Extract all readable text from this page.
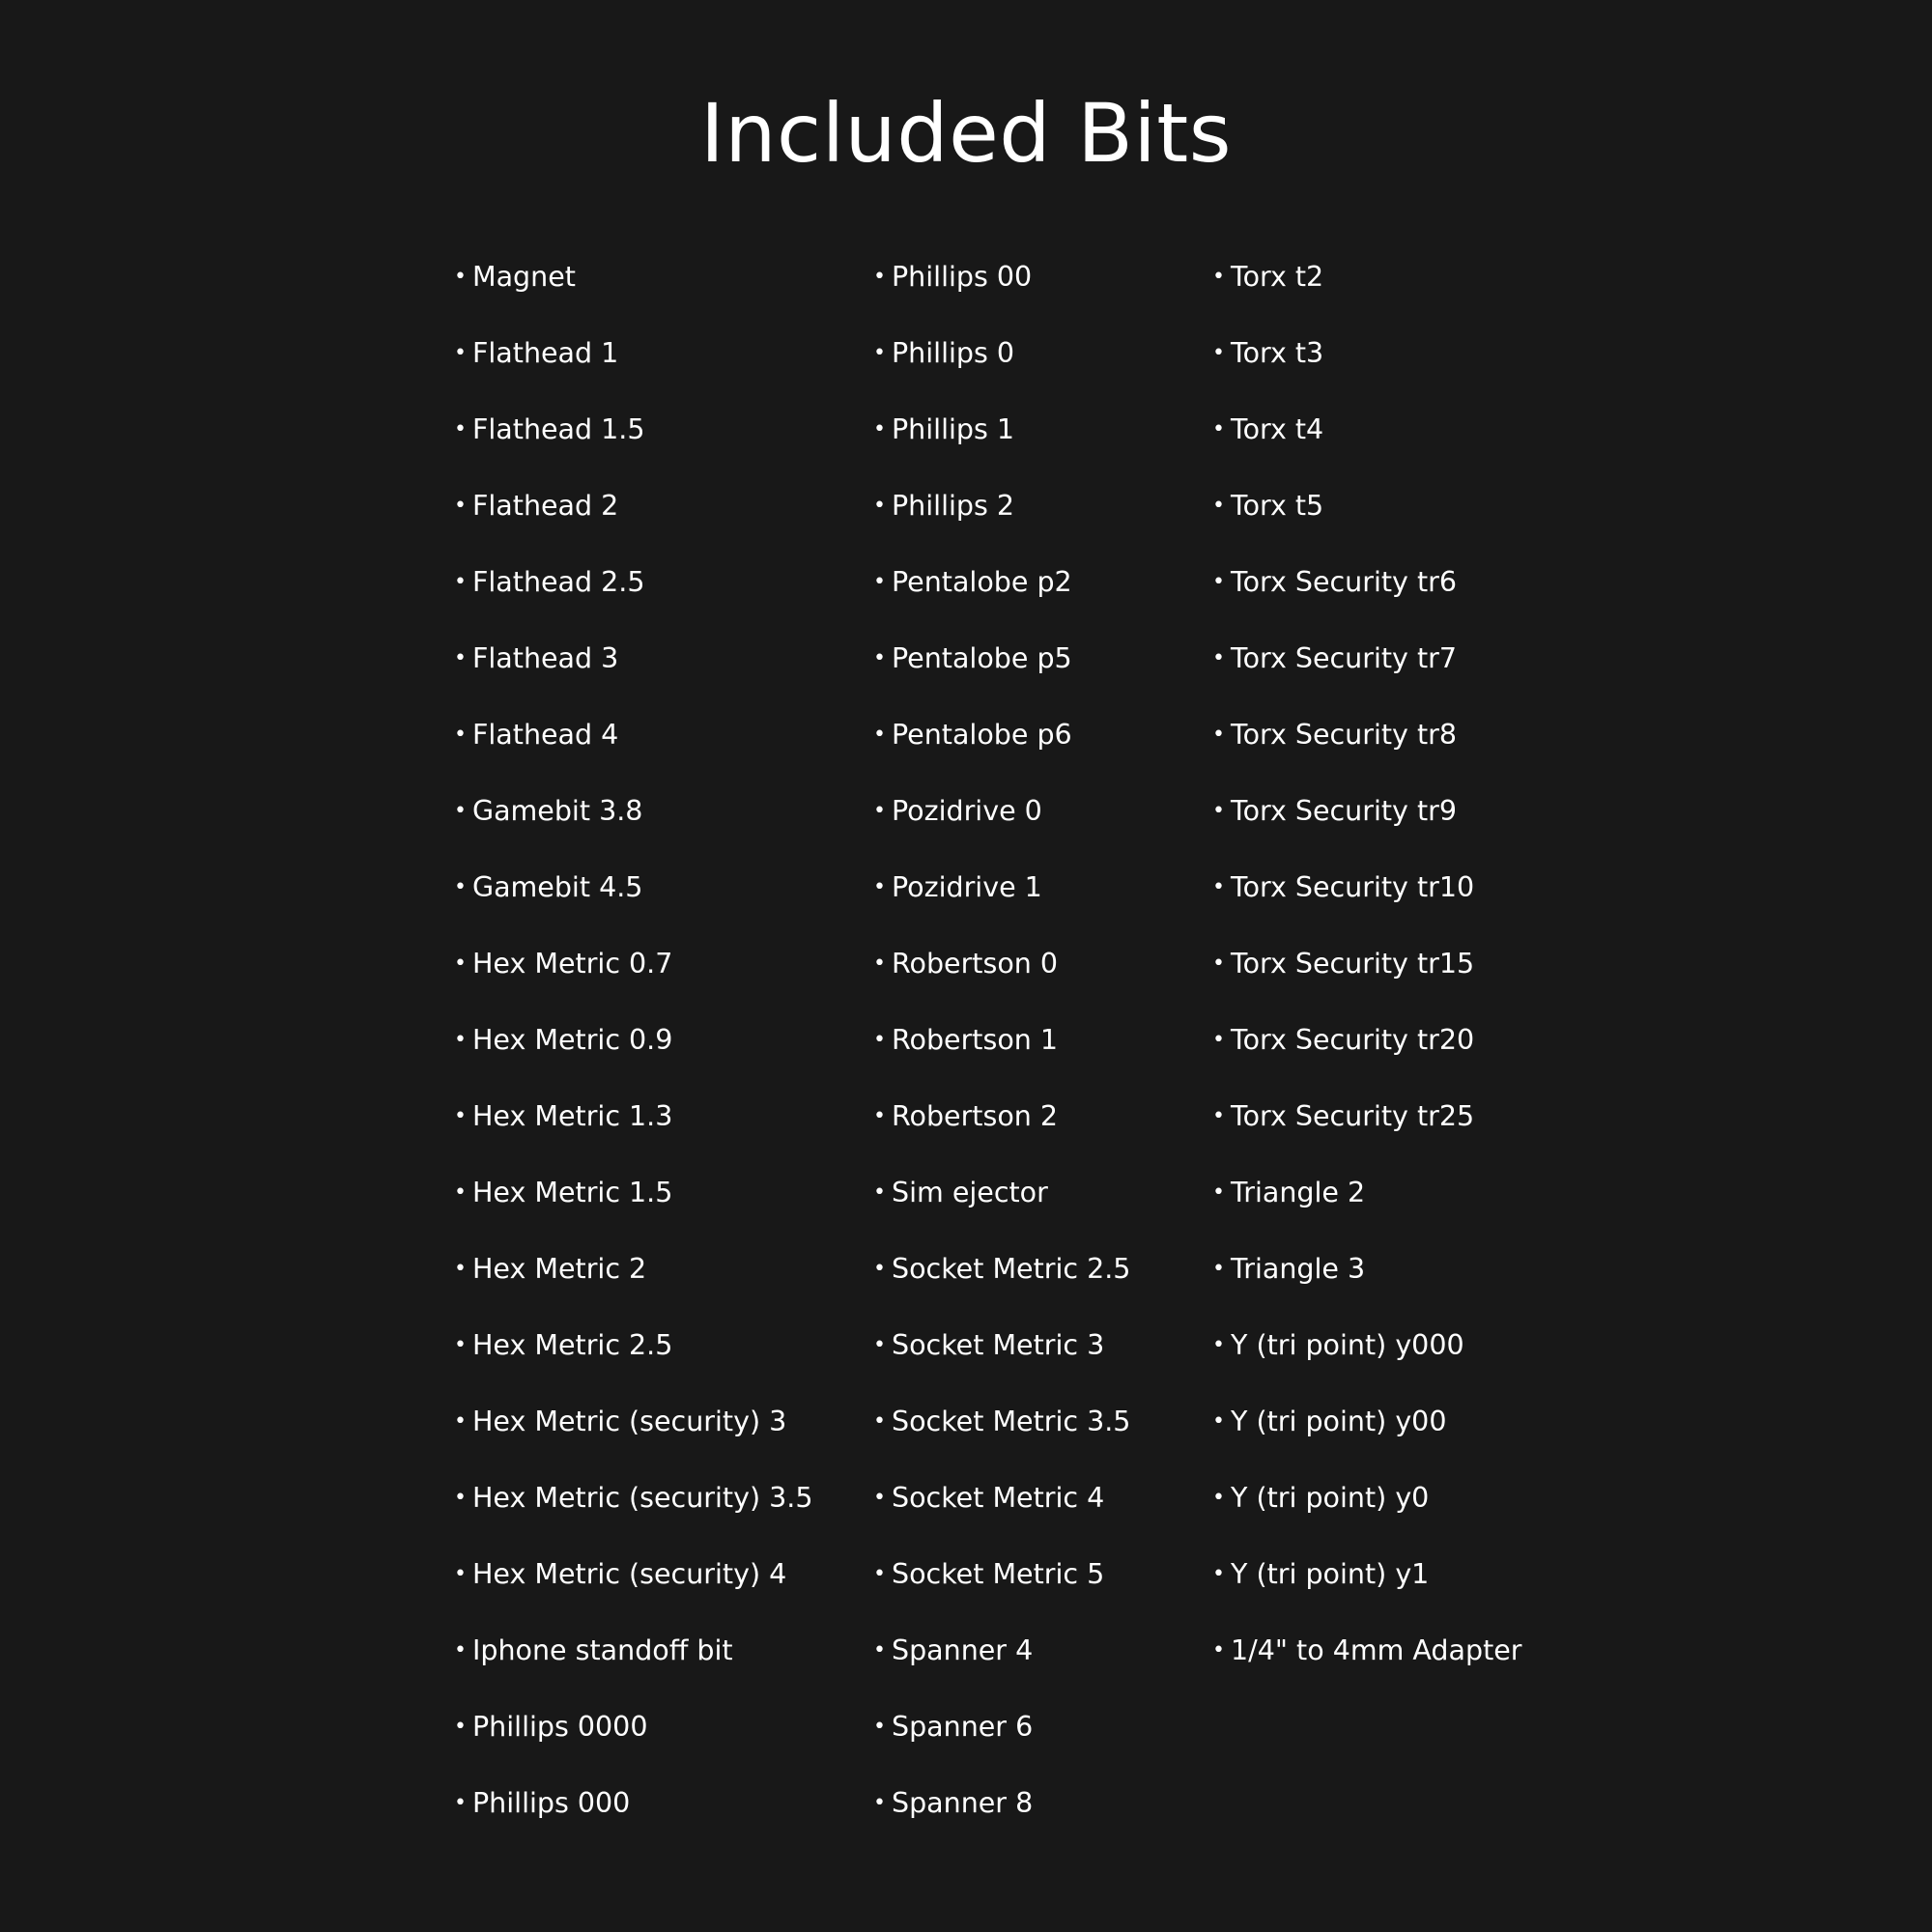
Included Bits
• Magnet
• Flathead 1
• Flathead 1.5
• Flathead 2
• Flathead 2.5
• Flathead 3
• Flathead 4
• Gamebit 3.8
• Gamebit 4.5
• Hex Metric 0.7
• Hex Metric 0.9
• Hex Metric 1.3
• Hex Metric 1.5
• Hex Metric 2
• Hex Metric 2.5
• Hex Metric (security) 3
• Hex Metric (security) 3.5
• Hex Metric (security) 4
• Iphone standoff bit
• Phillips 0000
• Phillips 000
• Phillips 00
• Phillips 0
• Phillips 1
• Phillips 2
• Pentalobe p2
• Pentalobe p5
• Pentalobe p6
• Pozidrive 0
• Pozidrive 1
• Robertson 0
• Robertson 1
• Robertson 2
• Sim ejector
• Socket Metric 2.5
• Socket Metric 3
• Socket Metric 3.5
• Socket Metric 4
• Socket Metric 5
• Spanner 4
• Spanner 6
• Spanner 8
• Torx t2
• Torx t3
• Torx t4
• Torx t5
• Torx Security tr6
• Torx Security tr7
• Torx Security tr8
• Torx Security tr9
• Torx Security tr10
• Torx Security tr15
• Torx Security tr20
• Torx Security tr25
• Triangle 2
• Triangle 3
• Y (tri point) y000
• Y (tri point) y00
• Y (tri point) y0
• Y (tri point) y1
• 1/4" to 4mm Adapter
